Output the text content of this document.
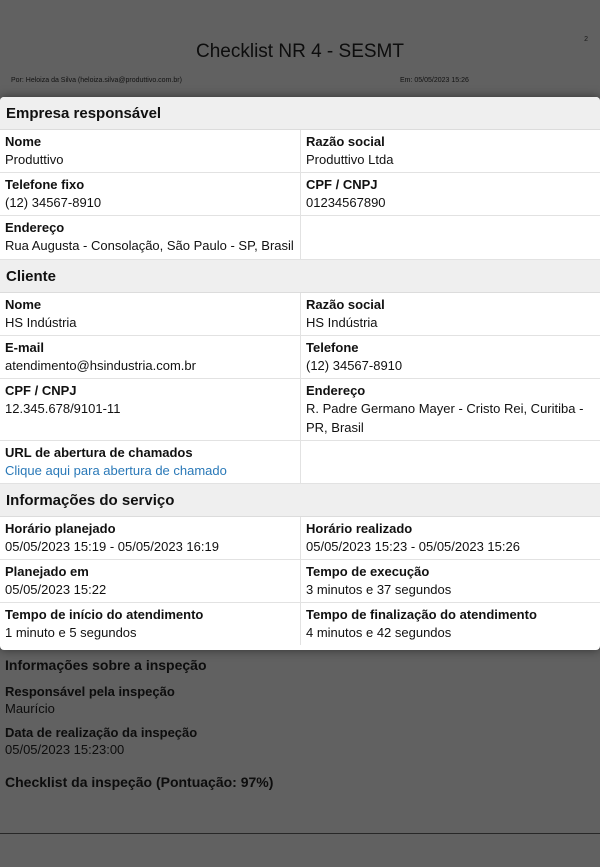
Empresa responsável
Nome
Produttivo
Razão social
Produttivo Ltda
Telefone fixo
(12) 34567-8910
CPF / CNPJ
01234567890
Endereço
Rua Augusta - Consolação, São Paulo - SP, Brasil
Cliente
Nome
HS Indústria
Razão social
HS Indústria
E-mail
atendimento@hsindustria.com.br
Telefone
(12) 34567-8910
CPF / CNPJ
12.345.678/9101-11
Endereço
R. Padre Germano Mayer - Cristo Rei, Curitiba - PR, Brasil
URL de abertura de chamados
Clique aqui para abertura de chamado
Informações do serviço
Horário planejado
05/05/2023 15:19 - 05/05/2023 16:19
Horário realizado
05/05/2023 15:23 - 05/05/2023 15:26
Planejado em
05/05/2023 15:22
Tempo de execução
3 minutos e 37 segundos
Tempo de início do atendimento
1 minuto e 5 segundos
Tempo de finalização do atendimento
4 minutos e 42 segundos
